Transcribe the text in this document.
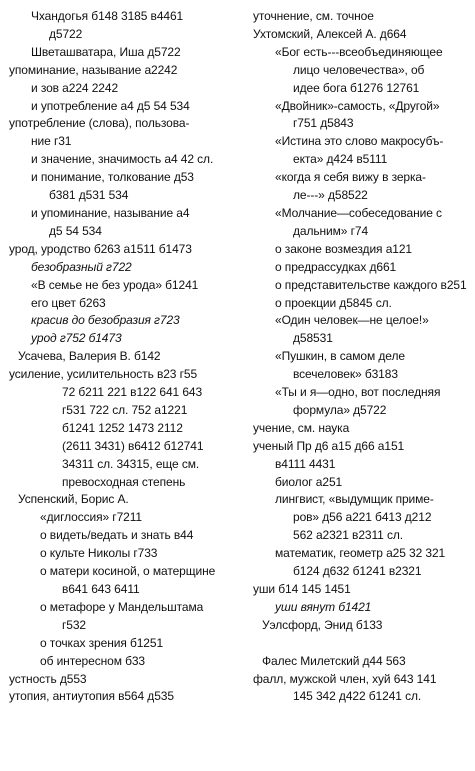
Чхандогья б148 3185 в4461
д5722
Шветашватара, Иша д5722
упоминание, называние а2242
и зов а224 2242
и употребление а4 д5 54 534
употребление (слова), пользова-
ние г31
и значение, значимость а4 42 сл.
и понимание, толкование д53
б381 д531 534
и упоминание, называние а4
д5 54 534
урод, уродство б263 а1511 б1473
безобразный г722
«В семье не без урода» б1241
его цвет б263
красив до безобразия г723
урод г752 б1473
Усачева, Валерия В. б142
усиление, усилительность в23 г55
72 б211 221 в122 641 643
г531 722 сл. 752 а1221
б1241 1252 1473 2112
(2611 3431) в6412 б12741
34311 сл. 34315, еще см.
превосходная степень
Успенский, Борис А.
«диглоссия» г7211
о видеть/ведать и знать в44
о культе Николы г733
о матери косиной, о матерщине
в641 643 6411
о метафоре у Мандельштама
г532
о точках зрения б1251
об интересном б33
устность д553
утопия, антиутопия в564 д535
уточнение, см. точное
Ухтомский, Алексей А. д664
«Бог есть---всеобъединяющее
лицо человечества», об
идее бога б1276 12761
«Двойник»-самость, «Другой»
г751 д5843
«Истина это слово макросубъ-
екта» д424 в5111
«когда я себя вижу в зерка-
ле---» д58522
«Молчание—собеседование с
дальним» г74
о законе возмездия а121
о предрассудках д661
о представительстве каждого в251
о проекции д5845 сл.
«Один человек—не целое!»
д58531
«Пушкин, в самом деле
всечеловек» б3183
«Ты и я—одно, вот последняя
формула» д5722
учение, см. наука
ученый Пр д6 а15 д66 а151
в4111 4431
биолог а251
лингвист, «выдумщик приме-
ров» д56 а221 б413 д212
562 а2321 в2311 сл.
математик, геометр а25 32 321
б124 д632 б1241 в2321
уши б14 145 1451
уши вянут б1421
Уэлсфорд, Энид б133
Фалес Милетский д44 563
фалл, мужской член, хуй 643 141
145 342 д422 б1241 сл.
